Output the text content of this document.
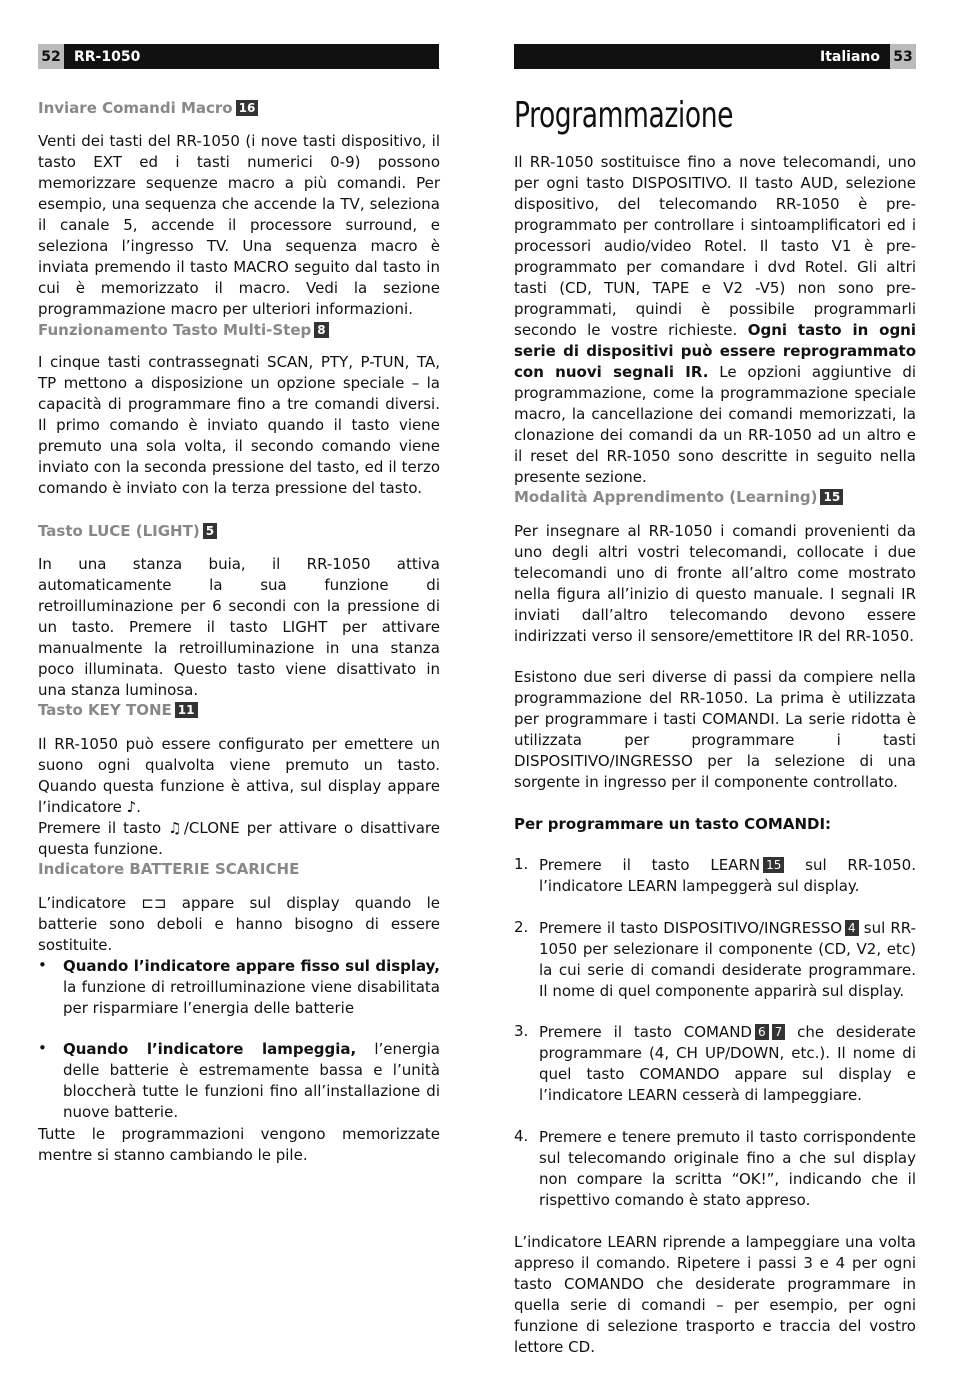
52 RR-1050	Italiano 53
Inviare Comandi Macro 16

Venti dei tasti del RR-1050 (i nove tasti dispositivo, il tasto EXT ed i tasti numerici 0-9) possono memorizzare sequenze macro a più comandi. Per esempio, una sequenza che accende la TV, seleziona il canale 5, accende il processore surround, e seleziona l’ingresso TV. Una sequenza macro è inviata premendo il tasto MACRO seguito dal tasto in cui è memorizzato il macro. Vedi la sezione programmazione macro per ulteriori informazioni.

Funzionamento Tasto Multi-Step 8

I cinque tasti contrassegnati SCAN, PTY, P-TUN, TA, TP mettono a disposizione un opzione speciale – la capacità di programmare fino a tre comandi diversi. Il primo comando è inviato quando il tasto viene premuto una sola volta, il secondo comando viene inviato con la seconda pressione del tasto, ed il terzo comando è inviato con la terza pressione del tasto.

Tasto LUCE (LIGHT) 5

In una stanza buia, il RR-1050 attiva automaticamente la sua funzione di retroilluminazione per 6 secondi con la pressione di un tasto. Premere il tasto LIGHT per attivare manualmente la retroilluminazione in una stanza poco illuminata. Questo tasto viene disattivato in una stanza luminosa.

Tasto KEY TONE 11

Il RR-1050 può essere configurato per emettere un suono ogni qualvolta viene premuto un tasto. Quando questa funzione è attiva, sul display appare l’indicatore ♪.
Premere il tasto ♫/CLONE per attivare o disattivare questa funzione.

Indicatore BATTERIE SCARICHE

L’indicatore ⊏⊐ appare sul display quando le batterie sono deboli e hanno bisogno di essere sostituite.

• Quando l’indicatore appare fisso sul display, la funzione di retroilluminazione viene disabilitata per risparmiare l’energia delle batterie

• Quando l’indicatore lampeggia, l’energia delle batterie è estremamente bassa e l’unità bloccherà tutte le funzioni fino all’installazione di nuove batterie.

Tutte le programmazioni vengono memorizzate mentre si stanno cambiando le pile.

Programmazione

Il RR-1050 sostituisce fino a nove telecomandi, uno per ogni tasto DISPOSITIVO. Il tasto AUD, selezione dispositivo, del telecomando RR-1050 è pre-programmato per controllare i sintoamplificatori ed i processori audio/video Rotel. Il tasto V1 è pre-programmato per comandare i dvd Rotel. Gli altri tasti (CD, TUN, TAPE e V2 -V5) non sono pre-programmati, quindi è possibile programmarli secondo le vostre richieste. Ogni tasto in ogni serie di dispositivi può essere reprogrammato con nuovi segnali IR. Le opzioni aggiuntive di programmazione, come la programmazione speciale macro, la cancellazione dei comandi memorizzati, la clonazione dei comandi da un RR-1050 ad un altro e il reset del RR-1050 sono descritte in seguito nella presente sezione.

Modalità Apprendimento (Learning) 15

Per insegnare al RR-1050 i comandi provenienti da uno degli altri vostri telecomandi, collocate i due telecomandi uno di fronte all’altro come mostrato nella figura all’inizio di questo manuale. I segnali IR inviati dall’altro telecomando devono essere indirizzati verso il sensore/emettitore IR del RR-1050.

Esistono due seri diverse di passi da compiere nella programmazione del RR-1050. La prima è utilizzata per programmare i tasti COMANDI. La serie ridotta è utilizzata per programmare i tasti DISPOSITIVO/INGRESSO per la selezione di una sorgente in ingresso per il componente controllato.

Per programmare un tasto COMANDI:
1. Premere il tasto LEARN 15 sul RR-1050. l’indicatore LEARN lampeggerà sul display.

2. Premere il tasto DISPOSITIVO/INGRESSO 4 sul RR-1050 per selezionare il componente (CD, V2, etc) la cui serie di comandi desiderate programmare. Il nome di quel componente apparirà sul display.

3. Premere il tasto COMAND 6 7 che desiderate programmare (4, CH UP/DOWN, etc.). Il nome di quel tasto COMANDO appare sul display e l’indicatore LEARN cesserà di lampeggiare.

4. Premere e tenere premuto il tasto corrispondente sul telecomando originale fino a che sul display non compare la scritta “OK!”, indicando che il rispettivo comando è stato appreso.

L’indicatore LEARN riprende a lampeggiare una volta appreso il comando. Ripetere i passi 3 e 4 per ogni tasto COMANDO che desiderate programmare in quella serie di comandi – per esempio, per ogni funzione di selezione trasporto e traccia del vostro lettore CD.
